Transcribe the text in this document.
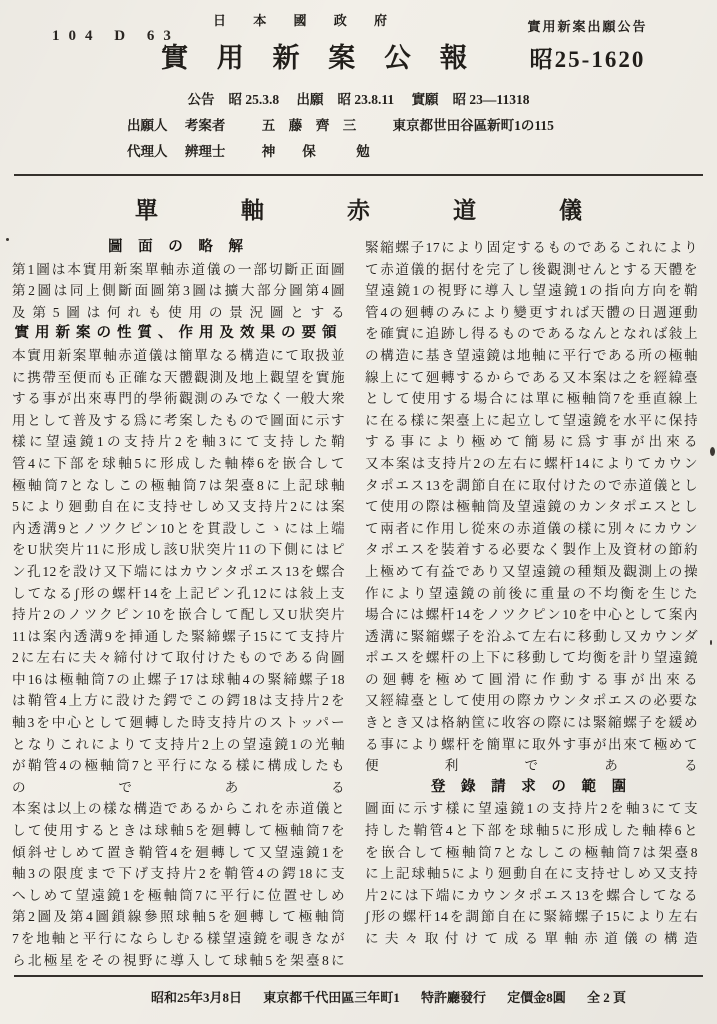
104 D 63
日 本 國 政 府
實 用 新 案 公 報
實用新案出願公告
昭25-1620
公告 昭 25.3.8 出願 昭 23.8.11 實願 昭 23—11318
出願人 考案者	五　藤　齊　三	東京都世田谷區新町1の115
代理人 辨理士	神　　保　　　勉
單　軸　赤　道　儀
圖 面 の 略 解
第1圖は本實用新案單軸赤道儀の一部切斷正面圖
第2圖は同上側斷面圖第3圖は擴大部分圖第4圖
及第5圖は何れも使用の景況圖とする
實用新案の性質、作用及效果の要領
本實用新案單軸赤道儀は簡單なる構造にて取扱並
に携帶至便而も正確な天體觀測及地上觀望を實施
する事が出來專門的學術觀測のみでなく一般大衆
用として普及する爲に考案したもので圖面に示す
樣に望遠鏡1の支持片2を軸3にて支持した鞘
管4に下部を球軸5に形成した軸棒6を嵌合して
極軸筒7となしこの極軸筒7は架臺8に上記球軸
5により廻動自在に支持せしめ又支持片2には案
內透溝9とノツクピン10とを貫設しこゝには上端
をU狀突片11に形成し該U狀突片11の下側にはピ
ン孔12を設け又下端にはカウンタポエス13を螺合
してなるʃ形の螺杆14を上記ピン孔12には敍上支
持片2のノツクピン10を嵌合して配し又U狀突片
11は案內透溝9を挿通した緊締螺子15にて支持片
2に左右に夫々締付けて取付けたものである尙圖
中16は極軸筒7の止螺子17は球軸4の緊締螺子18
は鞘管4上方に設けた鍔でこの鍔18は支持片2を
軸3を中心として廻轉した時支持片のストッパー
となりこれによりて支持片2上の望遠鏡1の光軸
が鞘管4の極軸筒7と平行になる樣に構成したも
のである
本案は以上の樣な構造であるからこれを赤道儀と
して使用するときは球軸5を廻轉して極軸筒7を
傾斜せしめて置き鞘管4を廻轉して又望遠鏡1を
軸3の限度まで下げ支持片2を鞘管4の鍔18に支
へしめて望遠鏡1を極軸筒7に平行に位置せしめ
第2圖及第4圖鎖線參照球軸5を廻轉して極軸筒
7を地軸と平行にならしむる樣望遠鏡を覗きなが
ら北極星をその視野に導入して球軸5を架臺8に
緊縮螺子17により固定するものであるこれにより
て赤道儀的据付を完了し後觀測せんとする天體を
望遠鏡1の視野に導入し望遠鏡1の指向方向を鞘
管4の廻轉のみにより變更すれば天體の日週運動
を確實に追跡し得るものであるなんとなれば敍上
の構造に基き望遠鏡は地軸に平行である所の極軸
線上にて廻轉するからである又本案は之を經緯臺
として使用する場合には單に極軸筒7を垂直線上
に在る樣に架臺上に起立して望遠鏡を水平に保持
する事により極めて簡易に爲す事が出來る
又本案は支持片2の左右に螺杆14によりてカウン
タポエス13を調節自在に取付けたので赤道儀とし
て使用の際は極軸筒及望遠鏡のカンタポエスとし
て兩者に作用し從來の赤道儀の樣に別々にカウン
タポエスを裝着する必要なく製作上及資材の節約
上極めて有益であり又望遠鏡の種類及觀測上の操
作により望遠鏡の前後に重量の不均衡を生じた
場合には螺杆14をノツクピン10を中心として案內
透溝に緊縮螺子を沿ふて左右に移動し又カウンダ
ポエスを螺杆の上下に移動して均衡を計り望遠鏡
の廻轉を極めて圓滑に作動する事が出來る
又經緯臺として使用の際カウンタポエスの必要な
きとき又は格納筐に收容の際には緊縮螺子を緩め
る事により螺杆を簡單に取外す事が出來て極めて
便利である
登 錄 請 求 の 範 圍
圖面に示す樣に望遠鏡1の支持片2を軸3にて支
持した鞘管4と下部を球軸5に形成した軸棒6と
を嵌合して極軸筒7となしこの極軸筒7は架臺8
に上記球軸5により廻動自在に支持せしめ又支持
片2には下端にカウンタポエス13を螺合してなる
ʃ形の螺杆14を調節自在に緊締螺子15により左右
に夫々取付けて成る單軸赤道儀の構造
昭和25年3月8日 東京都千代田區三年町1 特許廳發行 定價金8圓 全 2 頁
